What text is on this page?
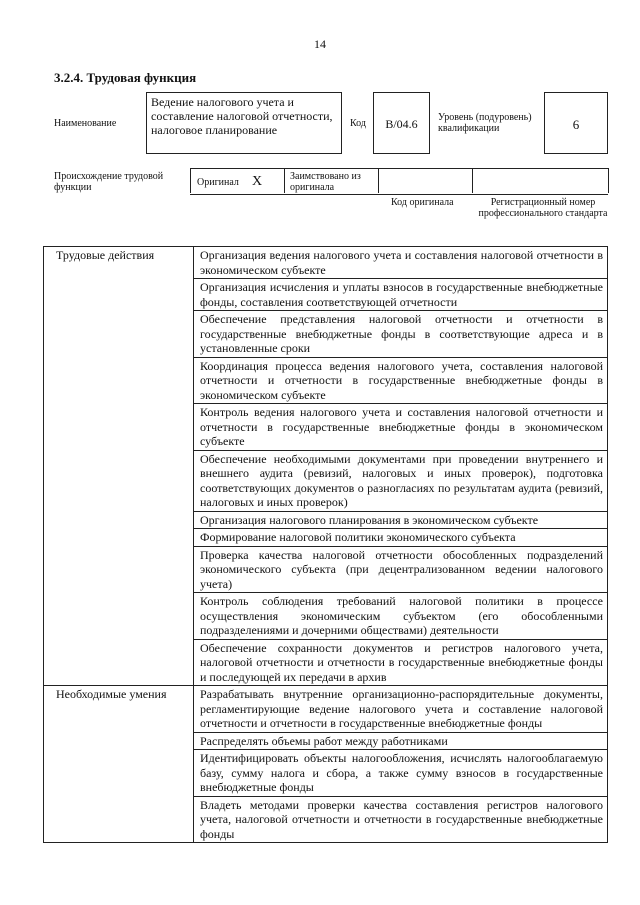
14
3.2.4. Трудовая функция
Наименование
Ведение налогового учета и составление налоговой отчетности, налоговое планирование	Код	B/04.6	Уровень (подуровень) квалификации	6
Происхождение трудовой функции	Оригинал X	Заимствовано из оригинала
Код оригинала	Регистрационный номер профессионального стандарта
Трудовые действия	Организация ведения налогового учета и составления налоговой отчетности в экономическом субъекте
	Организация исчисления и уплаты взносов в государственные внебюджетные фонды, составления соответствующей отчетности
	Обеспечение представления налоговой отчетности и отчетности в государственные внебюджетные фонды в соответствующие адреса и в установленные сроки
	Координация процесса ведения налогового учета, составления налоговой отчетности и отчетности в государственные внебюджетные фонды в экономическом субъекте
	Контроль ведения налогового учета и составления налоговой отчетности и отчетности в государственные внебюджетные фонды в экономическом субъекте
	Обеспечение необходимыми документами при проведении внутреннего и внешнего аудита (ревизий, налоговых и иных проверок), подготовка соответствующих документов о разногласиях по результатам аудита (ревизий, налоговых и иных проверок)
	Организация налогового планирования в экономическом субъекте
	Формирование налоговой политики экономического субъекта
	Проверка качества налоговой отчетности обособленных подразделений экономического субъекта (при децентрализованном ведении налогового учета)
	Контроль соблюдения требований налоговой политики в процессе осуществления экономическим субъектом (его обособленными подразделениями и дочерними обществами) деятельности
	Обеспечение сохранности документов и регистров налогового учета, налоговой отчетности и отчетности в государственные внебюджетные фонды и последующей их передачи в архив
Необходимые умения	Разрабатывать внутренние организационно-распорядительные документы, регламентирующие ведение налогового учета и составление налоговой отчетности и отчетности в государственные внебюджетные фонды
	Распределять объемы работ между работниками
	Идентифицировать объекты налогообложения, исчислять налогооблагаемую базу, сумму налога и сбора, а также сумму взносов в государственные внебюджетные фонды
	Владеть методами проверки качества составления регистров налогового учета, налоговой отчетности и отчетности в государственные внебюджетные фонды
